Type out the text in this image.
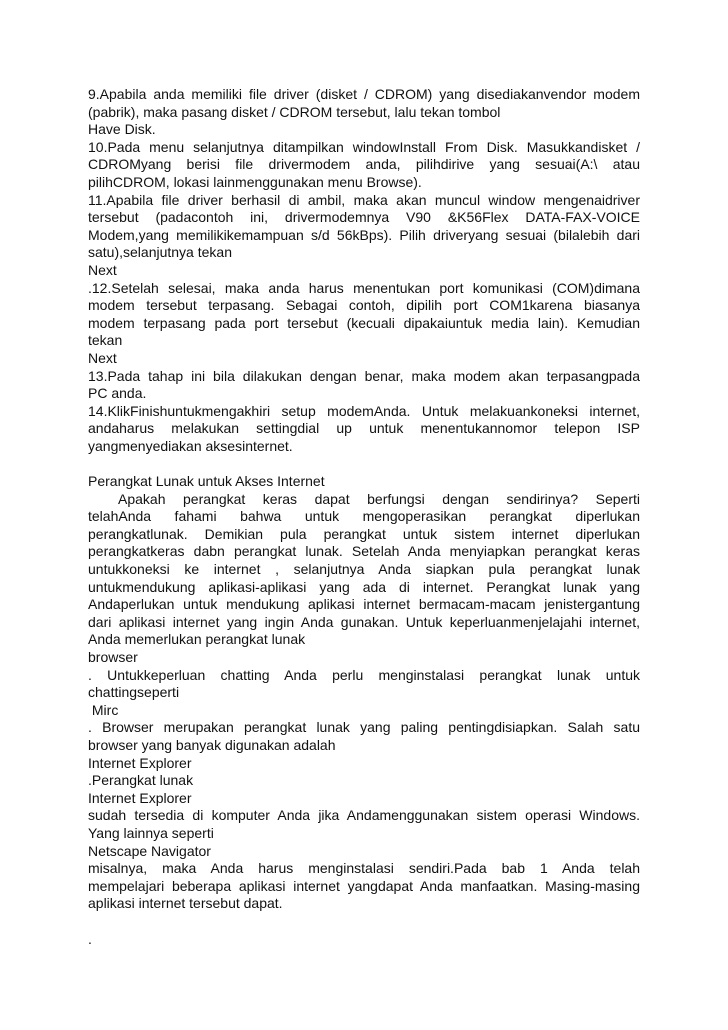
9.Apabila anda memiliki file driver (disket / CDROM) yang disediakanvendor modem
(pabrik), maka pasang disket / CDROM tersebut, lalu tekan tombol
Have Disk.
10.Pada menu selanjutnya ditampilkan windowInstall From Disk. Masukkandisket /
CDROMyang berisi file drivermodem anda, pilihdirive yang sesuai(A:\ atau
pilihCDROM, lokasi lainmenggunakan menu Browse).
11.Apabila file driver berhasil di ambil, maka akan muncul window mengenaidriver
tersebut (padacontoh ini, drivermodemnya V90 &K56Flex DATA-FAX-VOICE
Modem,yang memilikikemampuan s/d 56kBps). Pilih driveryang sesuai (bilalebih dari
satu),selanjutnya tekan
Next
.12.Setelah selesai, maka anda harus menentukan port komunikasi (COM)dimana
modem tersebut terpasang. Sebagai contoh, dipilih port COM1karena biasanya
modem terpasang pada port tersebut (kecuali dipakaiuntuk media lain). Kemudian
tekan
Next
13.Pada tahap ini bila dilakukan dengan benar, maka modem akan terpasangpada
PC anda.
14.KlikFinishuntukmengakhiri setup modemAnda. Untuk melakuankoneksi internet,
andaharus melakukan settingdial up untuk menentukannomor telepon ISP
yangmenyediakan aksesinternet.
Perangkat Lunak untuk Akses Internet
Apakah perangkat keras dapat berfungsi dengan sendirinya? Seperti
telahAnda fahami bahwa untuk mengoperasikan perangkat diperlukan
perangkatlunak. Demikian pula perangkat untuk sistem internet diperlukan
perangkatkeras dabn perangkat lunak. Setelah Anda menyiapkan perangkat keras
untukkoneksi ke internet , selanjutnya Anda siapkan pula perangkat lunak
untukmendukung aplikasi-aplikasi yang ada di internet. Perangkat lunak yang
Andaperlukan untuk mendukung aplikasi internet bermacam-macam jenistergantung
dari aplikasi internet yang ingin Anda gunakan. Untuk keperluanmenjelajahi internet,
Anda memerlukan perangkat lunak
browser
. Untukkeperluan chatting Anda perlu menginstalasi perangkat lunak untuk
chattingseperti
Mirc
. Browser merupakan perangkat lunak yang paling pentingdisiapkan. Salah satu
browser yang banyak digunakan adalah
Internet Explorer
.Perangkat lunak
Internet Explorer
sudah tersedia di komputer Anda jika Andamenggunakan sistem operasi Windows.
Yang lainnya seperti
Netscape Navigator
misalnya, maka Anda harus menginstalasi sendiri.Pada bab 1 Anda telah
mempelajari beberapa aplikasi internet yangdapat Anda manfaatkan. Masing-masing
aplikasi internet tersebut dapat.
.
